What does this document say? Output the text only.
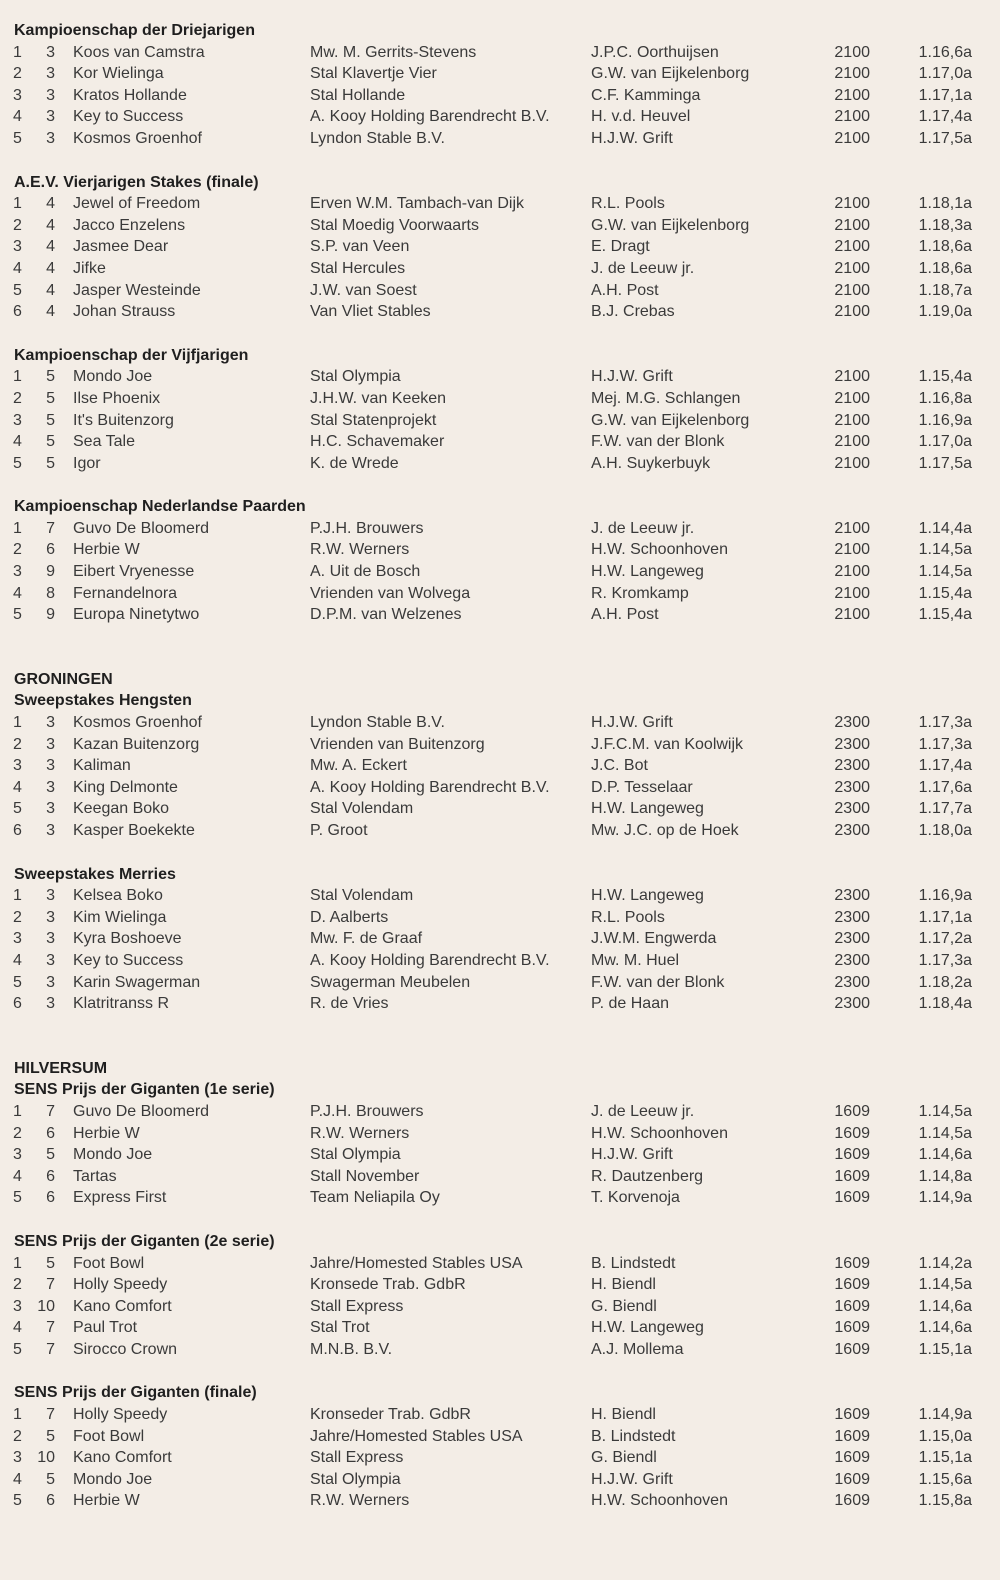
Kampioenschap der Driejarigen
1	3 Koos van Camstra	Mw. M. Gerrits-Stevens	J.P.C. Oorthuijsen	2100	1.16,6a
2	3 Kor Wielinga	Stal Klavertje Vier	G.W. van Eijkelenborg	2100	1.17,0a
3	3 Kratos Hollande	Stal Hollande	C.F. Kamminga	2100	1.17,1a
4	3 Key to Success	A. Kooy Holding Barendrecht B.V.	H. v.d. Heuvel	2100	1.17,4a
5	3 Kosmos Groenhof	Lyndon Stable B.V.	H.J.W. Grift	2100	1.17,5a
A.E.V. Vierjarigen Stakes (finale)
1	4 Jewel of Freedom	Erven W.M. Tambach-van Dijk	R.L. Pools	2100	1.18,1a
2	4 Jacco Enzelens	Stal Moedig Voorwaarts	G.W. van Eijkelenborg	2100	1.18,3a
3	4 Jasmee Dear	S.P. van Veen	E. Dragt	2100	1.18,6a
4	4 Jifke	Stal Hercules	J. de Leeuw jr.	2100	1.18,6a
5	4 Jasper Westeinde	J.W. van Soest	A.H. Post	2100	1.18,7a
6	4 Johan Strauss	Van Vliet Stables	B.J. Crebas	2100	1.19,0a
Kampioenschap der Vijfjarigen
1	5 Mondo Joe	Stal Olympia	H.J.W. Grift	2100	1.15,4a
2	5 Ilse Phoenix	J.H.W. van Keeken	Mej. M.G. Schlangen	2100	1.16,8a
3	5 It's Buitenzorg	Stal Statenprojekt	G.W. van Eijkelenborg	2100	1.16,9a
4	5 Sea Tale	H.C. Schavemaker	F.W. van der Blonk	2100	1.17,0a
5	5 Igor	K. de Wrede	A.H. Suykerbuyk	2100	1.17,5a
Kampioenschap Nederlandse Paarden
1	7 Guvo De Bloomerd	P.J.H. Brouwers	J. de Leeuw jr.	2100	1.14,4a
2	6 Herbie W	R.W. Werners	H.W. Schoonhoven	2100	1.14,5a
3	9 Eibert Vryenesse	A. Uit de Bosch	H.W. Langeweg	2100	1.14,5a
4	8 Fernandelnora	Vrienden van Wolvega	R. Kromkamp	2100	1.15,4a
5	9 Europa Ninetytwo	D.P.M. van Welzenes	A.H. Post	2100	1.15,4a
GRONINGEN
Sweepstakes Hengsten
1	3 Kosmos Groenhof	Lyndon Stable B.V.	H.J.W. Grift	2300	1.17,3a
2	3 Kazan Buitenzorg	Vrienden van Buitenzorg	J.F.C.M. van Koolwijk	2300	1.17,3a
3	3 Kaliman	Mw. A. Eckert	J.C. Bot	2300	1.17,4a
4	3 King Delmonte	A. Kooy Holding Barendrecht B.V.	D.P. Tesselaar	2300	1.17,6a
5	3 Keegan Boko	Stal Volendam	H.W. Langeweg	2300	1.17,7a
6	3 Kasper Boekekte	P. Groot	Mw. J.C. op de Hoek	2300	1.18,0a
Sweepstakes Merries
1	3 Kelsea Boko	Stal Volendam	H.W. Langeweg	2300	1.16,9a
2	3 Kim Wielinga	D. Aalberts	R.L. Pools	2300	1.17,1a
3	3 Kyra Boshoeve	Mw. F. de Graaf	J.W.M. Engwerda	2300	1.17,2a
4	3 Key to Success	A. Kooy Holding Barendrecht B.V.	Mw. M. Huel	2300	1.17,3a
5	3 Karin Swagerman	Swagerman Meubelen	F.W. van der Blonk	2300	1.18,2a
6	3 Klatritranss R	R. de Vries	P. de Haan	2300	1.18,4a
HILVERSUM
SENS Prijs der Giganten (1e serie)
1	7 Guvo De Bloomerd	P.J.H. Brouwers	J. de Leeuw jr.	1609	1.14,5a
2	6 Herbie W	R.W. Werners	H.W. Schoonhoven	1609	1.14,5a
3	5 Mondo Joe	Stal Olympia	H.J.W. Grift	1609	1.14,6a
4	6 Tartas	Stall November	R. Dautzenberg	1609	1.14,8a
5	6 Express First	Team Neliapila Oy	T. Korvenoja	1609	1.14,9a
SENS Prijs der Giganten (2e serie)
1	5 Foot Bowl	Jahre/Homested Stables USA	B. Lindstedt	1609	1.14,2a
2	7 Holly Speedy	Kronsede Trab. GdbR	H. Biendl	1609	1.14,5a
3 10 Kano Comfort	Stall Express	G. Biendl	1609	1.14,6a
4	7 Paul Trot	Stal Trot	H.W. Langeweg	1609	1.14,6a
5	7 Sirocco Crown	M.N.B. B.V.	A.J. Mollema	1609	1.15,1a
SENS Prijs der Giganten (finale)
1	7 Holly Speedy	Kronseder Trab. GdbR	H. Biendl	1609	1.14,9a
2	5 Foot Bowl	Jahre/Homested Stables USA	B. Lindstedt	1609	1.15,0a
3 10 Kano Comfort	Stall Express	G. Biendl	1609	1.15,1a
4	5 Mondo Joe	Stal Olympia	H.J.W. Grift	1609	1.15,6a
5	6 Herbie W	R.W. Werners	H.W. Schoonhoven	1609	1.15,8a
